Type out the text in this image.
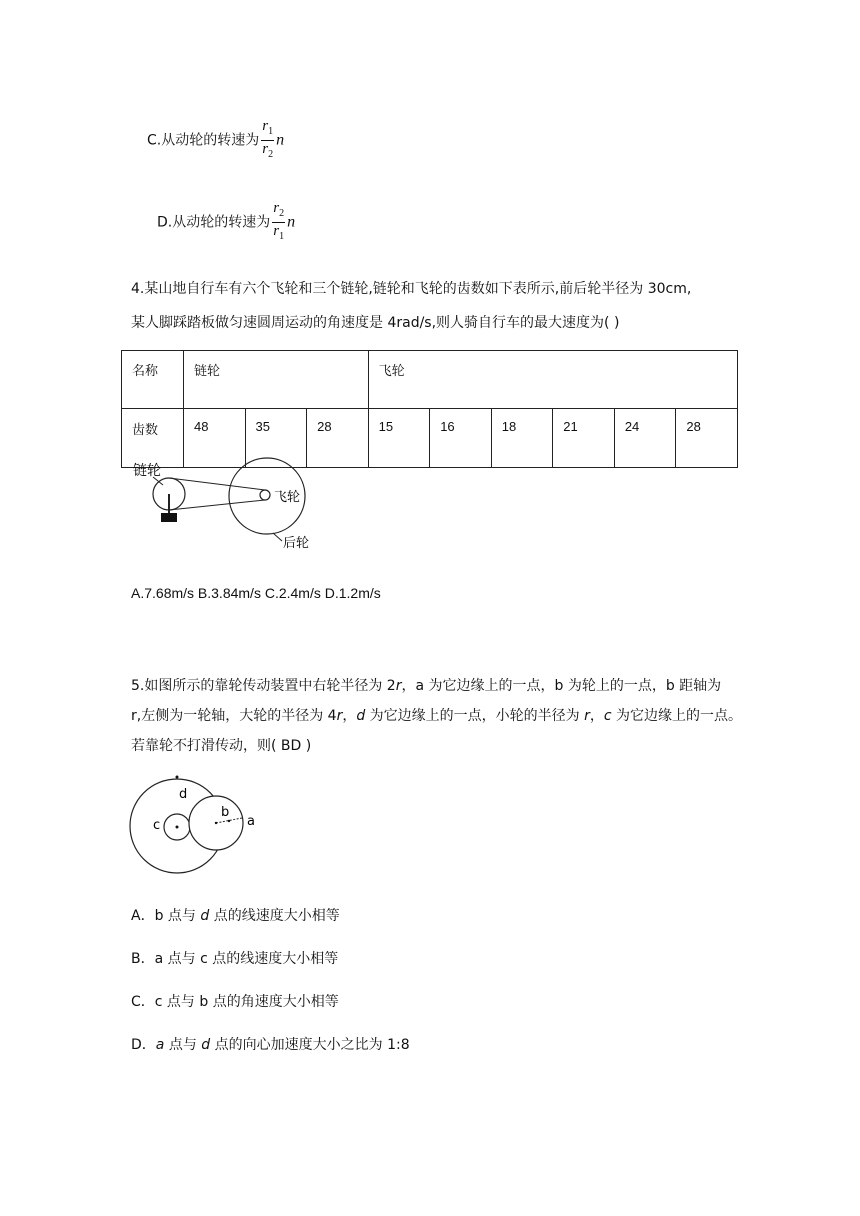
C.从动轮的转速为 $\frac{r_1}{r_2}$ n
D.从动轮的转速为 $\frac{r_2}{r_1}$ n
4.某山地自行车有六个飞轮和三个链轮,链轮和飞轮的齿数如下表所示,前后轮半径为 30cm,
某人脚踩踏板做匀速圆周运动的角速度是 4rad/s,则人骑自行车的最大速度为( )
名称	链轮			飞轮					
齿数	48	35	28	15	16	18	21	24	28
链轮
飞轮
后轮
A.7.68m/s B.3.84m/s C.2.4m/s D.1.2m/s
5.如图所示的靠轮传动装置中右轮半径为 2r，a 为它边缘上的一点，b 为轮上的一点，b 距轴为
r,左侧为一轮轴，大轮的半径为 4r，d 为它边缘上的一点，小轮的半径为 r，c 为它边缘上的一点。
若靠轮不打滑传动，则( BD )
d
b
a
c
A．b 点与 d 点的线速度大小相等
B．a 点与 c 点的线速度大小相等
C．c 点与 b 点的角速度大小相等
D．a 点与 d 点的向心加速度大小之比为 1:8
